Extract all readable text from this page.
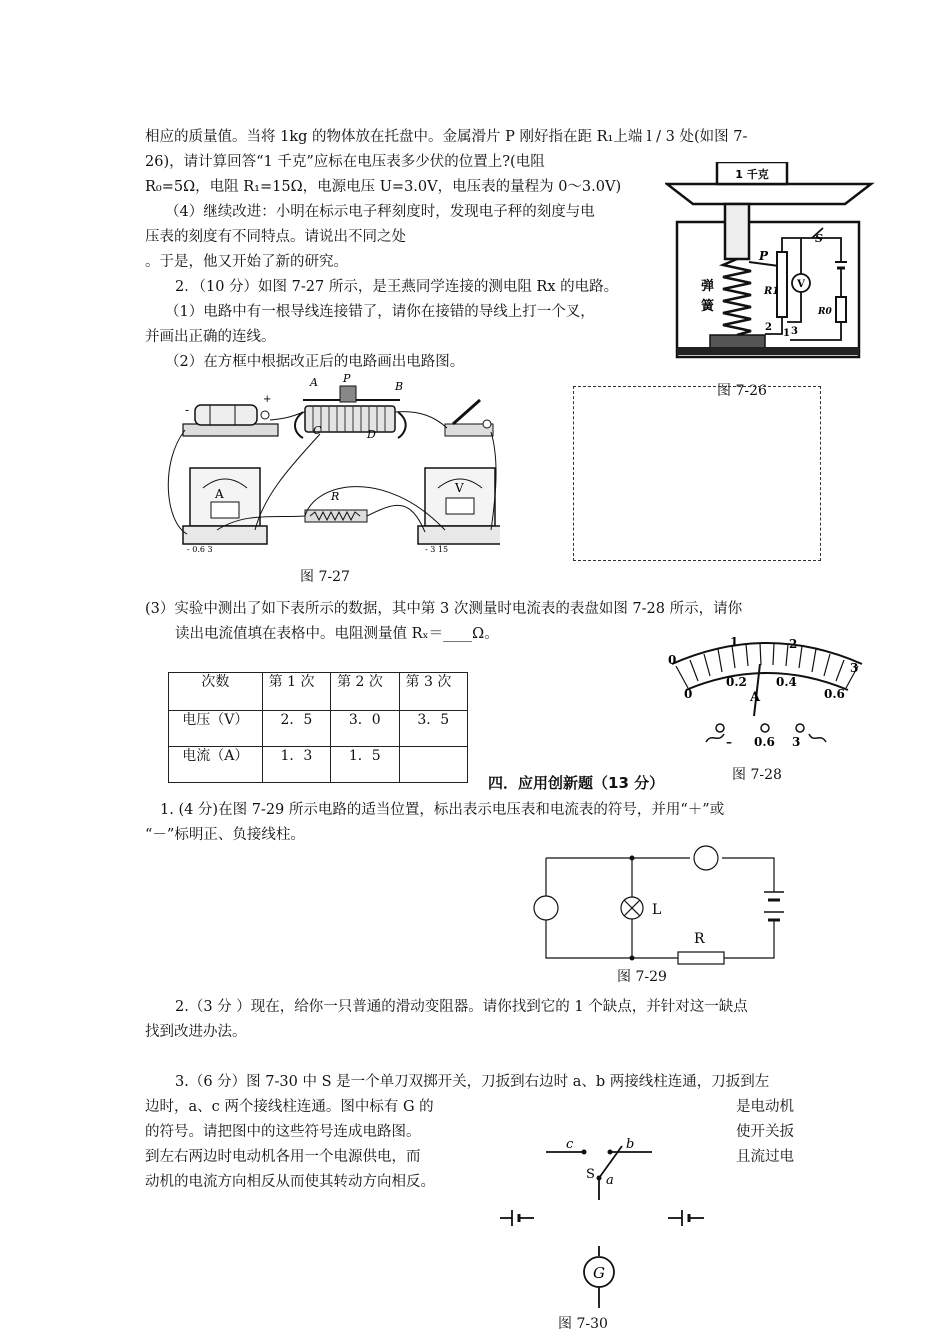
相应的质量值。当将 1kg 的物体放在托盘中。金属滑片 P 刚好指在距 R₁上端 l / 3 处(如图 7-
26)，请计算回答“1 千克”应标在电压表多少伏的位置上?(电阻
R₀=5Ω，电阻 R₁=15Ω，电源电压 U=3.0V，电压表的量程为 0～3.0V)
（4）继续改进：小明在标示电子秤刻度时，发现电子秤的刻度与电
压表的刻度有不同特点。请说出不同之处
。于是，他又开始了新的研究。
2．（10 分）如图 7-27 所示，是王燕同学连接的测电阻 Rx 的电路。
（1）电路中有一根导线连接错了，请你在接错的导线上打一个叉，
并画出正确的连线。
（2）在方框中根据改正后的电路画出电路图。
1 千克
弹
簧
P
R1
S
R0
V
1
2 3
图 7-26
-
+
A P
B
C	D
A
- 0.6 3
R
V
- 3 15
图 7-27
(3）实验中测出了如下表所示的数据，其中第 3 次测量时电流表的表盘如图 7-28 所示，请你
读出电流值填在表格中。电阻测量值 Rₓ＝____Ω。
次数	第 1 次	第 2 次	第 3 次
电压（V）	2．5	3．0	3．5
电流（A）	1．3	1．5	
0
1	2
3
0
0.2 0.4
0.6
A
– 0.6 3
图 7-28
四．应用创新题（13 分）
1. (4 分)在图 7-29 所示电路的适当位置，标出表示电压表和电流表的符号，并用“＋”或
“－”标明正、负接线柱。
L
R
图 7-29
2.（3 分 ）现在，给你一只普通的滑动变阻器。请你找到它的 1 个缺点，并针对这一缺点
找到改进办法。
3.（6 分）图 7-30 中 S 是一个单刀双掷开关，刀扳到右边时 a、b 两接线柱连通，刀扳到左
边时，a、c 两个接线柱连通。图中标有 G 的	是电动机
的符号。请把图中的这些符号连成电路图。	使开关扳
到左右两边时电动机各用一个电源供电，而	且流过电
动机的电流方向相反从而使其转动方向相反。
c	b
S a
G
图 7-30
